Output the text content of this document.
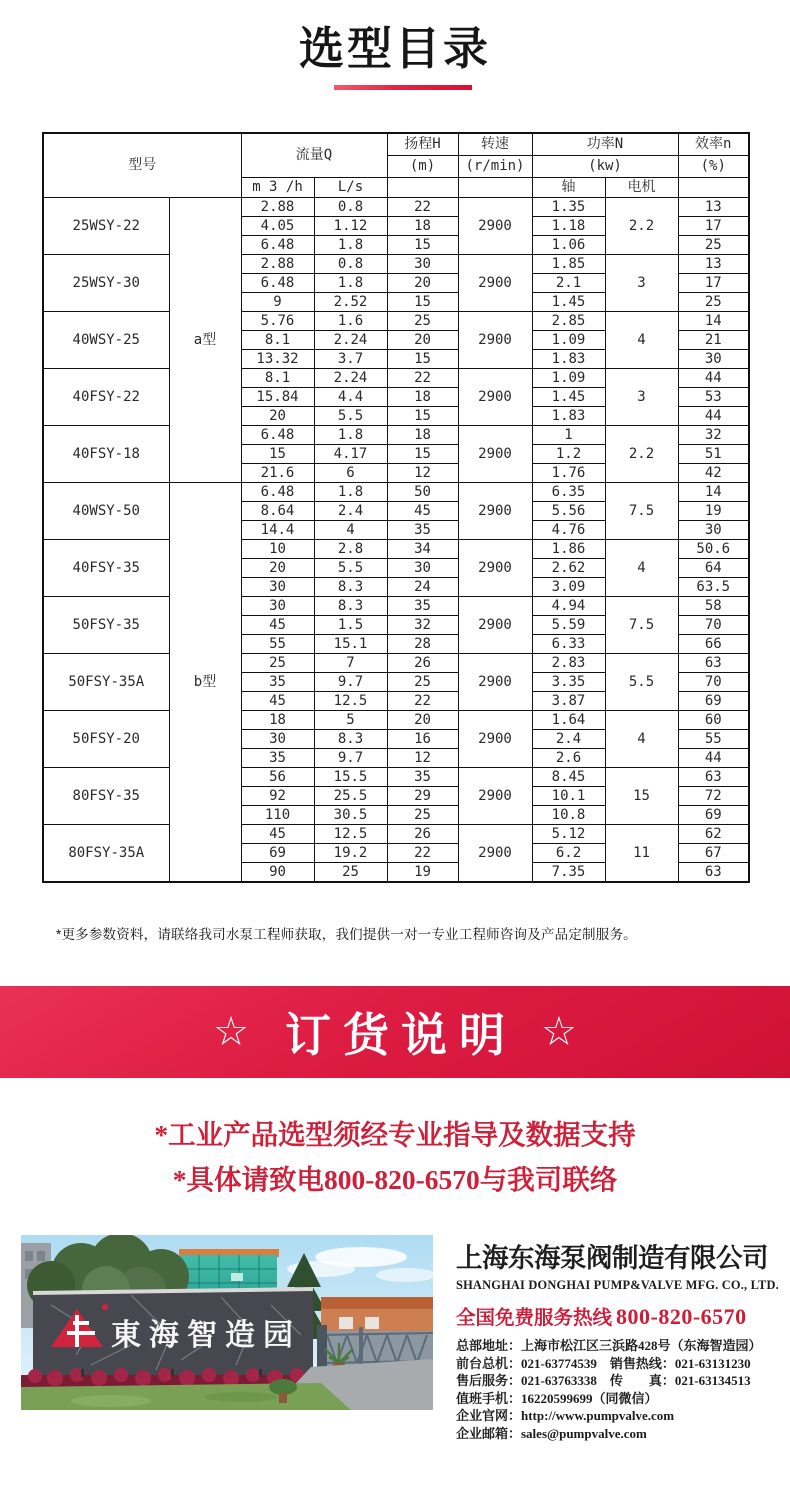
选型目录
型号		流量Q		扬程H	转速	功率N		效率n
				(m)	(r/min)	(kw)		(%)
		m 3 /h	L/s			轴	电机	
25WSY-22	a型	2.88	0.8	22	2900	1.35	2.2	13
		4.05	1.12	18		1.18		17
		6.48	1.8	15		1.06		25
25WSY-30		2.88	0.8	30	2900	1.85	3	13
		6.48	1.8	20		2.1		17
		9	2.52	15		1.45		25
40WSY-25		5.76	1.6	25	2900	2.85	4	14
		8.1	2.24	20		1.09		21
		13.32	3.7	15		1.83		30
40FSY-22		8.1	2.24	22	2900	1.09	3	44
		15.84	4.4	18		1.45		53
		20	5.5	15		1.83		44
40FSY-18		6.48	1.8	18	2900	1	2.2	32
		15	4.17	15		1.2		51
		21.6	6	12		1.76		42
40WSY-50	b型	6.48	1.8	50	2900	6.35	7.5	14
		8.64	2.4	45		5.56		19
		14.4	4	35		4.76		30
40FSY-35		10	2.8	34	2900	1.86	4	50.6
		20	5.5	30		2.62		64
		30	8.3	24		3.09		63.5
50FSY-35		30	8.3	35	2900	4.94	7.5	58
		45	1.5	32		5.59		70
		55	15.1	28		6.33		66
50FSY-35A		25	7	26	2900	2.83	5.5	63
		35	9.7	25		3.35		70
		45	12.5	22		3.87		69
50FSY-20		18	5	20	2900	1.64	4	60
		30	8.3	16		2.4		55
		35	9.7	12		2.6		44
80FSY-35		56	15.5	35	2900	8.45	15	63
		92	25.5	29		10.1		72
		110	30.5	25		10.8		69
80FSY-35A		45	12.5	26	2900	5.12	11	62
		69	19.2	22		6.2		67
		90	25	19		7.35		63

*更多参数资料，请联络我司水泵工程师获取，我们提供一对一专业工程师咨询及产品定制服务。

☆ 订货说明 ☆

*工业产品选型须经专业指导及数据支持

*具体请致电800-820-6570与我司联络

東海智造园

上海东海泵阀制造有限公司

SHANGHAI DONGHAI PUMP&VALVE MFG. CO., LTD.
全国免费服务热线 800-820-6570
总部地址：上海市松江区三浜路428号（东海智造园）
前台总机：021-63774539　销售热线：021-63131230
售后服务：021-63763338　传　　真：021-63134513
值班手机：16220599699（同微信）
企业官网：http://www.pumpvalve.com
企业邮箱：sales@pumpvalve.com
